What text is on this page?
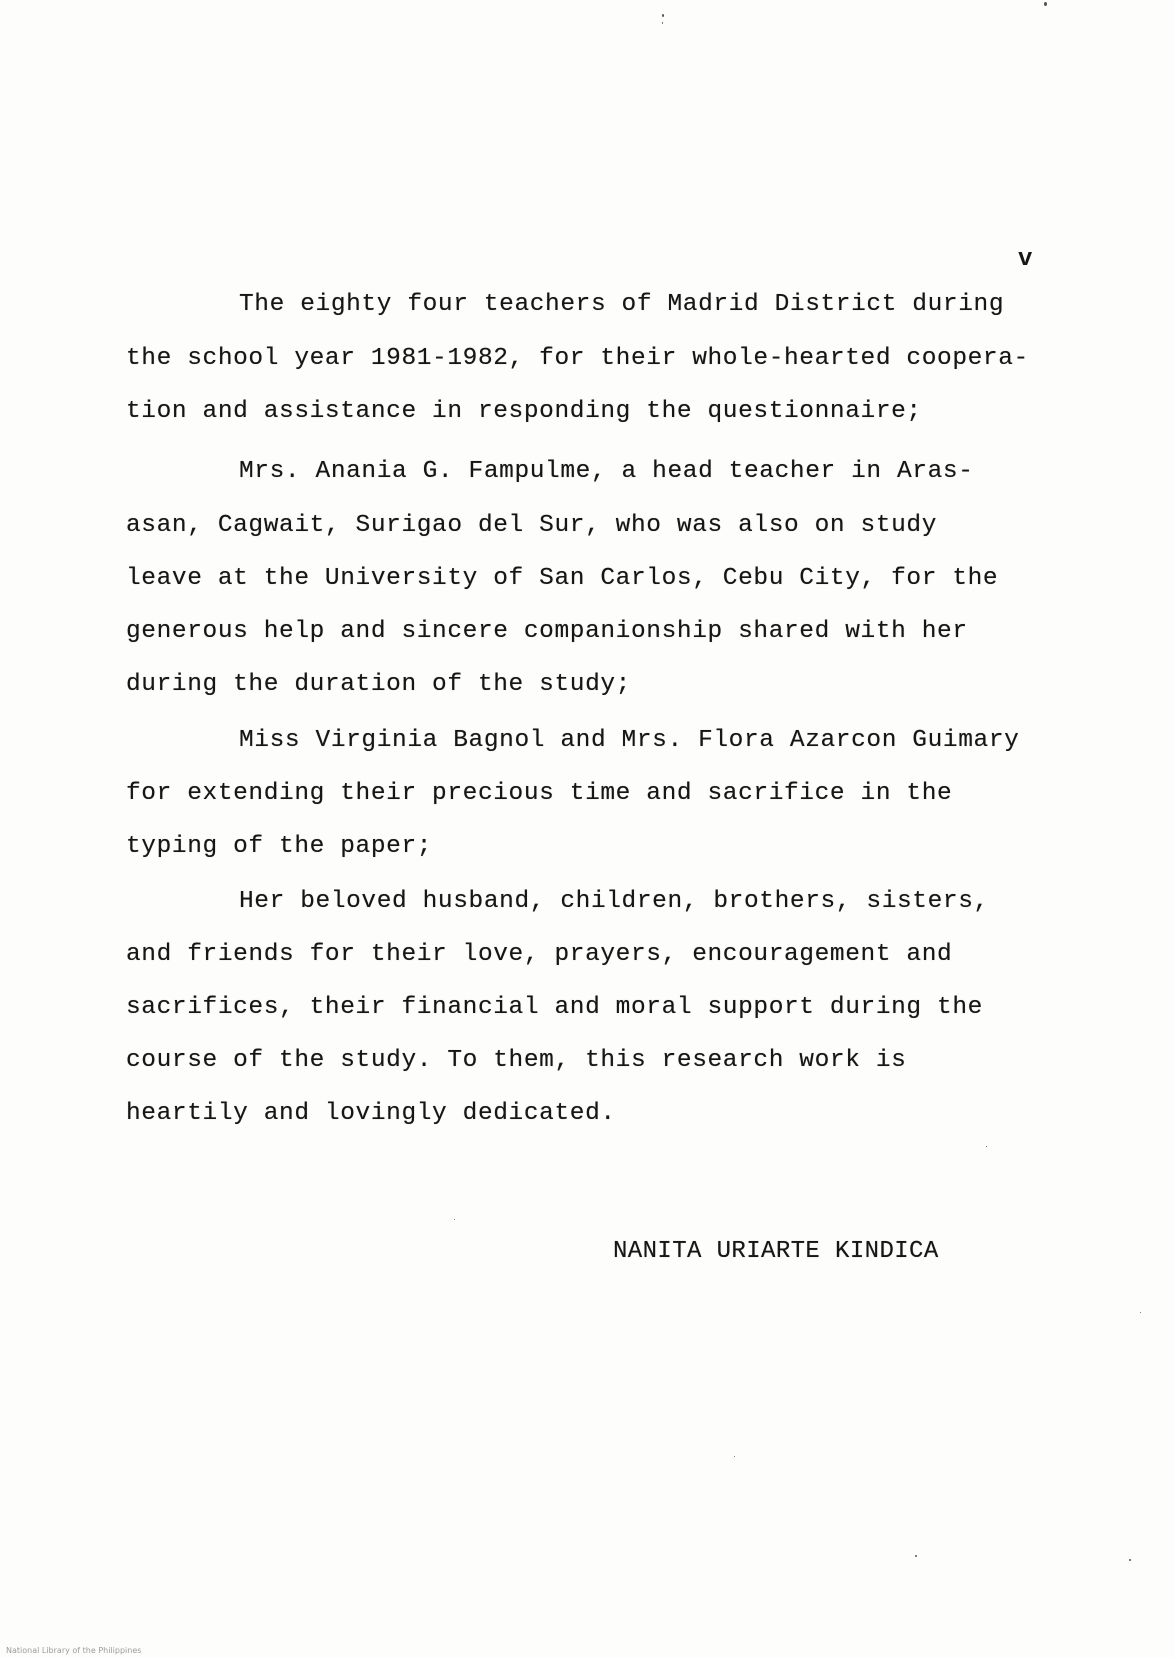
v
The eighty four teachers of Madrid District during
the school year 1981-1982, for their whole-hearted coopera-
tion and assistance in responding the questionnaire;
Mrs. Anania G. Fampulme, a head teacher in Aras-
asan, Cagwait, Surigao del Sur, who was also on study
leave at the University of San Carlos, Cebu City, for the
generous help and sincere companionship shared with her
during the duration of the study;
Miss Virginia Bagnol and Mrs. Flora Azarcon Guimary
for extending their precious time and sacrifice in the
typing of the paper;
Her beloved husband, children, brothers, sisters,
and friends for their love, prayers, encouragement and
sacrifices, their financial and moral support during the
course of the study. To them, this research work is
heartily and lovingly dedicated.
NANITA URIARTE KINDICA
National Library of the Philippines
